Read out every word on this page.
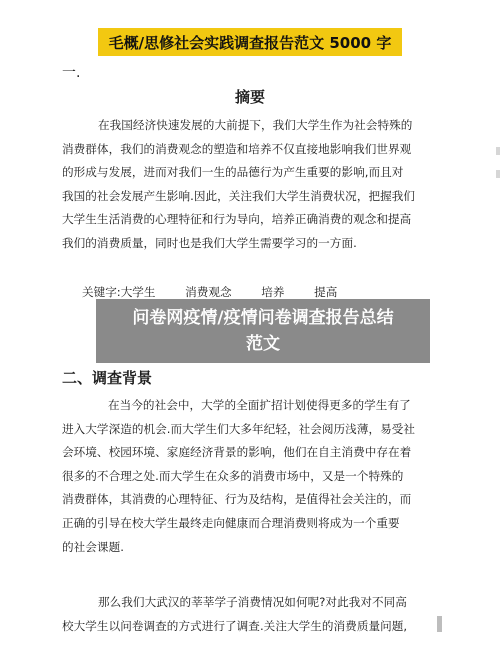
毛概/思修社会实践调查报告范文 5000 字
一.
摘要
在我国经济快速发展的大前提下，我们大学生作为社会特殊的
消费群体，我们的消费观念的塑造和培养不仅直接地影响我们世界观
的形成与发展，进而对我们一生的品德行为产生重要的影响,而且对
我国的社会发展产生影响.因此，关注我们大学生消费状况，把握我们
大学生生活消费的心理特征和行为导向，培养正确消费的观念和提高
我们的消费质量，同时也是我们大学生需要学习的一方面.
关键字:大学生	消费观念	培养	提高
问卷网疫情/疫情问卷调查报告总结
范文
二、调查背景
在当今的社会中，大学的全面扩招计划使得更多的学生有了
进入大学深造的机会.而大学生们大多年纪轻，社会阅历浅薄，易受社
会环境、校园环境、家庭经济背景的影响，他们在自主消费中存在着
很多的不合理之处.而大学生在众多的消费市场中，又是一个特殊的
消费群体，其消费的心理特征、行为及结构，是值得社会关注的，而
正确的引导在校大学生最终走向健康而合理消费则将成为一个重要
的社会课题.
那么我们大武汉的莘莘学子消费情况如何呢?对此我对不同高
校大学生以问卷调查的方式进行了调查.关注大学生的消费质量问题,
